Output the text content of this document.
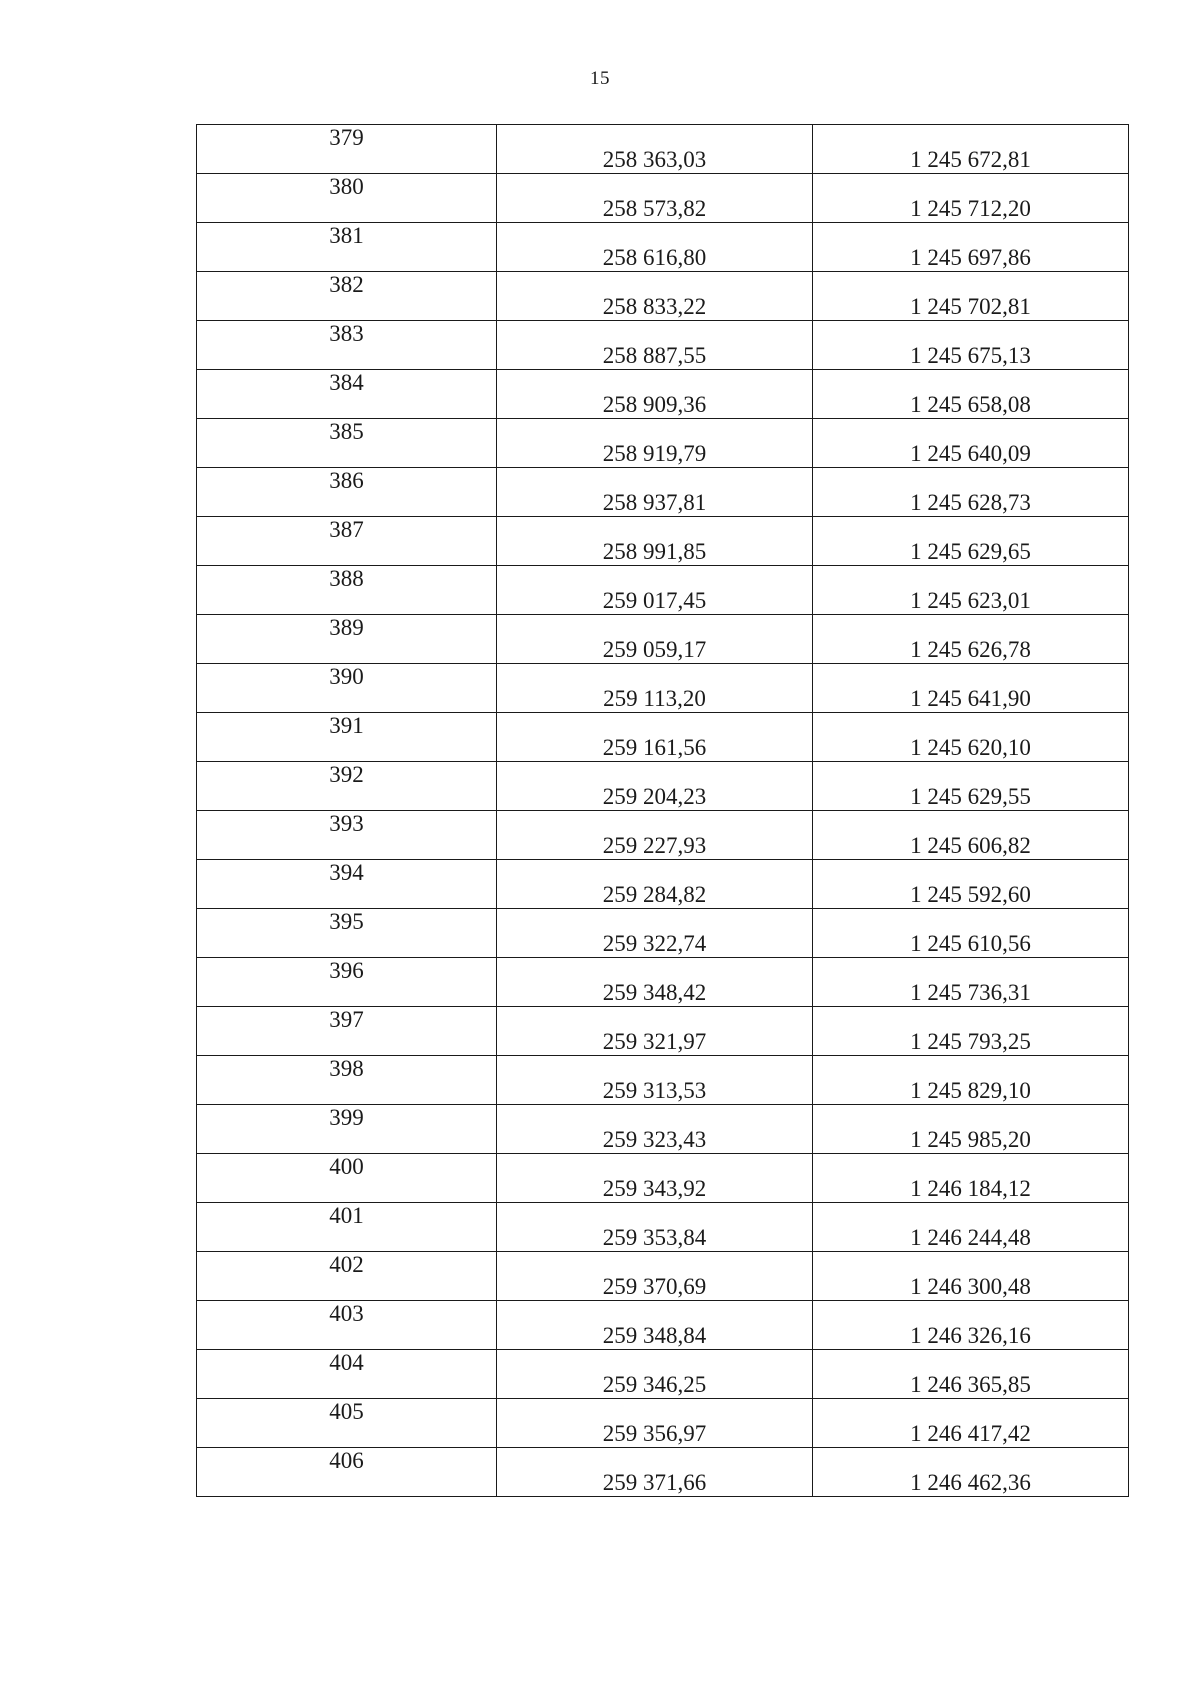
15
379	258 363,03	1 245 672,81
380	258 573,82	1 245 712,20
381	258 616,80	1 245 697,86
382	258 833,22	1 245 702,81
383	258 887,55	1 245 675,13
384	258 909,36	1 245 658,08
385	258 919,79	1 245 640,09
386	258 937,81	1 245 628,73
387	258 991,85	1 245 629,65
388	259 017,45	1 245 623,01
389	259 059,17	1 245 626,78
390	259 113,20	1 245 641,90
391	259 161,56	1 245 620,10
392	259 204,23	1 245 629,55
393	259 227,93	1 245 606,82
394	259 284,82	1 245 592,60
395	259 322,74	1 245 610,56
396	259 348,42	1 245 736,31
397	259 321,97	1 245 793,25
398	259 313,53	1 245 829,10
399	259 323,43	1 245 985,20
400	259 343,92	1 246 184,12
401	259 353,84	1 246 244,48
402	259 370,69	1 246 300,48
403	259 348,84	1 246 326,16
404	259 346,25	1 246 365,85
405	259 356,97	1 246 417,42
406	259 371,66	1 246 462,36
